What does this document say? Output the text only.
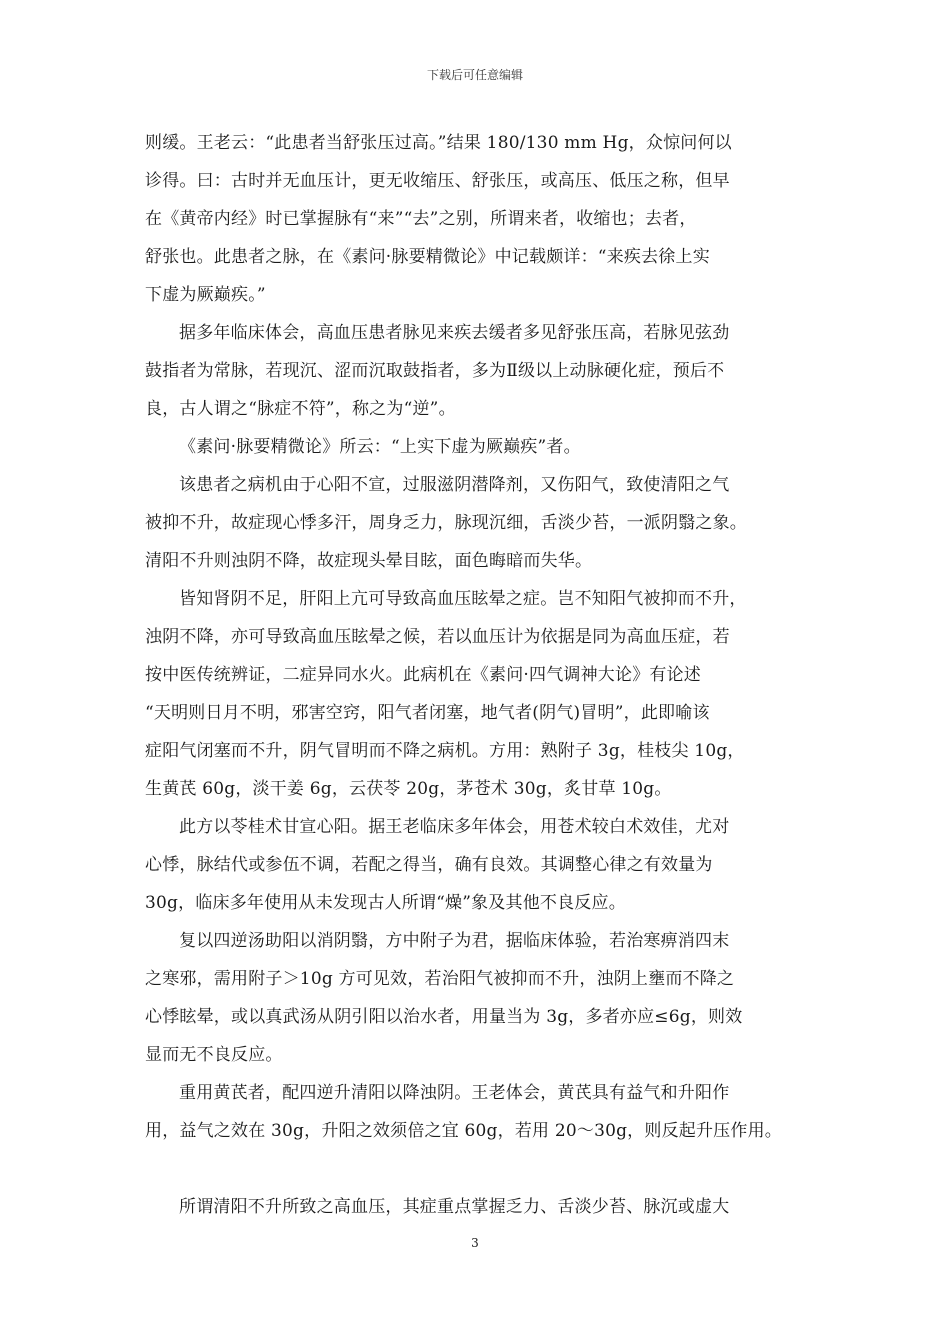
下载后可任意编辑
则缓。王老云：“此患者当舒张压过高。”结果 180/130 mm Hg，众惊问何以
诊得。曰：古时并无血压计，更无收缩压、舒张压，或高压、低压之称，但早
在《黄帝内经》时已掌握脉有“来”“去”之别，所谓来者，收缩也；去者，
舒张也。此患者之脉，在《素问·脉要精微论》中记载颇详：“来疾去徐上实
下虚为厥巅疾。”
据多年临床体会，高血压患者脉见来疾去缓者多见舒张压高，若脉见弦劲
鼓指者为常脉，若现沉、涩而沉取鼓指者，多为Ⅱ级以上动脉硬化症，预后不
良，古人谓之“脉症不符”，称之为“逆”。
《素问·脉要精微论》所云：“上实下虚为厥巅疾”者。
该患者之病机由于心阳不宣，过服滋阴潜降剂，又伤阳气，致使清阳之气
被抑不升，故症现心悸多汗，周身乏力，脉现沉细，舌淡少苔，一派阴翳之象。
清阳不升则浊阴不降，故症现头晕目眩，面色晦暗而失华。
皆知肾阴不足，肝阳上亢可导致高血压眩晕之症。岂不知阳气被抑而不升，
浊阴不降，亦可导致高血压眩晕之候，若以血压计为依据是同为高血压症，若
按中医传统辨证，二症异同水火。此病机在《素问·四气调神大论》有论述
“天明则日月不明，邪害空窍，阳气者闭塞，地气者(阴气)冒明”，此即喻该
症阳气闭塞而不升，阴气冒明而不降之病机。方用：熟附子 3g，桂枝尖 10g，
生黄芪 60g，淡干姜 6g，云茯苓 20g，茅苍术 30g，炙甘草 10g。
此方以苓桂术甘宣心阳。据王老临床多年体会，用苍术较白术效佳，尤对
心悸，脉结代或参伍不调，若配之得当，确有良效。其调整心律之有效量为
30g，临床多年使用从未发现古人所谓“燥”象及其他不良反应。
复以四逆汤助阳以消阴翳，方中附子为君，据临床体验，若治寒痹消四末
之寒邪，需用附子＞10g 方可见效，若治阳气被抑而不升，浊阴上壅而不降之
心悸眩晕，或以真武汤从阴引阳以治水者，用量当为 3g，多者亦应≤6g，则效
显而无不良反应。
重用黄芪者，配四逆升清阳以降浊阴。王老体会，黄芪具有益气和升阳作
用，益气之效在 30g，升阳之效须倍之宜 60g，若用 20～30g，则反起升压作用。
所谓清阳不升所致之高血压，其症重点掌握乏力、舌淡少苔、脉沉或虚大
3
